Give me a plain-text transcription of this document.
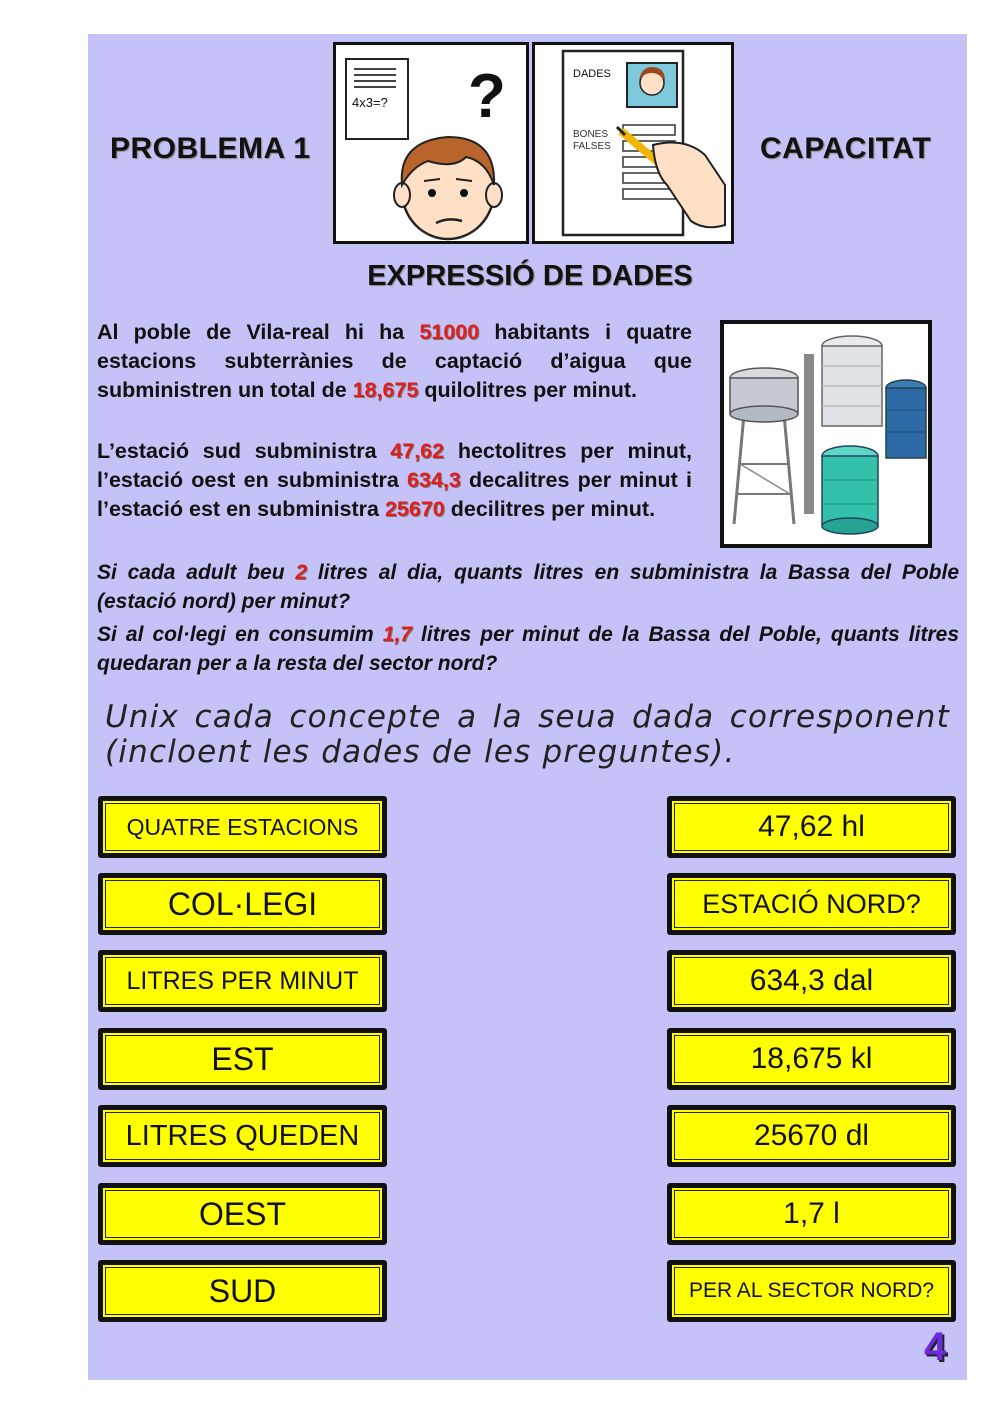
PROBLEMA 1	CAPACITAT
4x3=? ?	DADES
BONES
FALSES
EXPRESSIÓ DE DADES
Al poble de Vila-real hi ha 51000 habitants i quatre estacions subterrànies de captació d’aigua que subministren un total de 18,675 quilolitres per minut.
L’estació sud subministra 47,62 hectolitres per minut, l’estació oest en subministra 634,3 decalitres per minut i l’estació est en subministra 25670 decilitres per minut.
Si cada adult beu 2 litres al dia, quants litres en subministra la Bassa del Poble (estació nord) per minut?
Si al col·legi en consumim 1,7 litres per minut de la Bassa del Poble, quants litres quedaran per a la resta del sector nord?
Unix cada concepte a la seua dada corresponent (incloent les dades de les preguntes).
QUATRE ESTACIONS
COL·LEGI
LITRES PER MINUT
EST
LITRES QUEDEN
OEST
SUD
47,62 hl
ESTACIÓ NORD?
634,3 dal
18,675 kl
25670 dl
1,7 l
PER AL SECTOR NORD?
4
